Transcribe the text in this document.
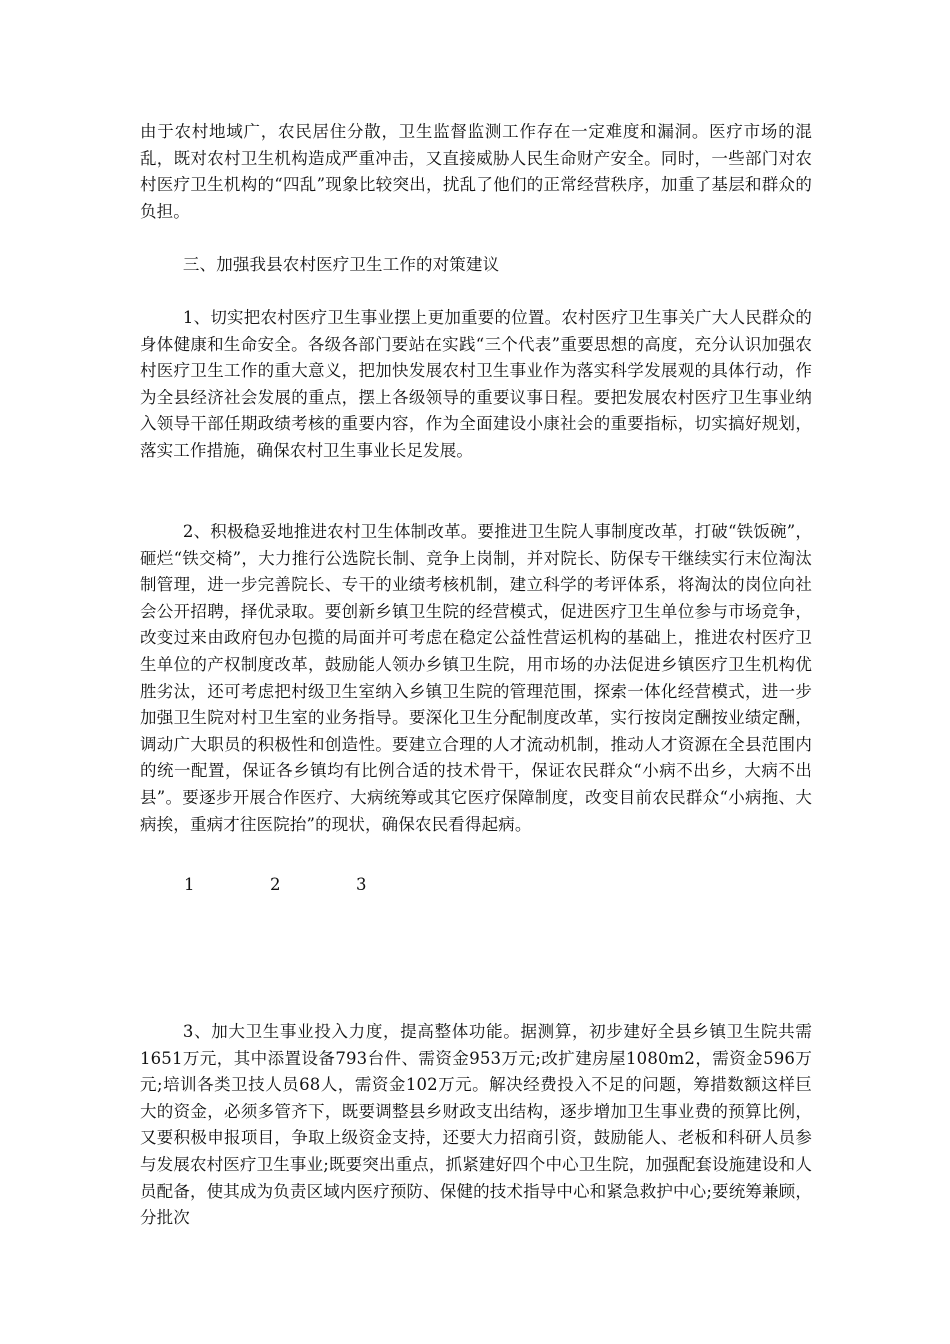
由于农村地域广，农民居住分散，卫生监督监测工作存在一定难度和漏洞。医疗市场的混乱，既对农村卫生机构造成严重冲击，又直接威胁人民生命财产安全。同时，一些部门对农村医疗卫生机构的“四乱”现象比较突出，扰乱了他们的正常经营秩序，加重了基层和群众的负担。

三、加强我县农村医疗卫生工作的对策建议

1、切实把农村医疗卫生事业摆上更加重要的位置。农村医疗卫生事关广大人民群众的身体健康和生命安全。各级各部门要站在实践“三个代表”重要思想的高度，充分认识加强农村医疗卫生工作的重大意义，把加快发展农村卫生事业作为落实科学发展观的具体行动，作为全县经济社会发展的重点，摆上各级领导的重要议事日程。要把发展农村医疗卫生事业纳入领导干部任期政绩考核的重要内容，作为全面建设小康社会的重要指标，切实搞好规划，落实工作措施，确保农村卫生事业长足发展。

2、积极稳妥地推进农村卫生体制改革。要推进卫生院人事制度改革，打破“铁饭碗”，砸烂“铁交椅”，大力推行公选院长制、竞争上岗制，并对院长、防保专干继续实行末位淘汰制管理，进一步完善院长、专干的业绩考核机制，建立科学的考评体系，将淘汰的岗位向社会公开招聘，择优录取。要创新乡镇卫生院的经营模式，促进医疗卫生单位参与市场竞争，改变过来由政府包办包揽的局面并可考虑在稳定公益性营运机构的基础上，推进农村医疗卫生单位的产权制度改革，鼓励能人领办乡镇卫生院，用市场的办法促进乡镇医疗卫生机构优胜劣汰，还可考虑把村级卫生室纳入乡镇卫生院的管理范围，探索一体化经营模式，进一步加强卫生院对村卫生室的业务指导。要深化卫生分配制度改革，实行按岗定酬按业绩定酬，调动广大职员的积极性和创造性。要建立合理的人才流动机制，推动人才资源在全县范围内的统一配置，保证各乡镇均有比例合适的技术骨干，保证农民群众“小病不出乡，大病不出县”。要逐步开展合作医疗、大病统筹或其它医疗保障制度，改变目前农民群众“小病拖、大病挨，重病才往医院抬”的现状，确保农民看得起病。

1	2	3

3、加大卫生事业投入力度，提高整体功能。据测算，初步建好全县乡镇卫生院共需1651万元，其中添置设备793台件、需资金953万元;改扩建房屋1080m2，需资金596万元;培训各类卫技人员68人，需资金102万元。解决经费投入不足的问题，筹措数额这样巨大的资金，必须多管齐下，既要调整县乡财政支出结构，逐步增加卫生事业费的预算比例，又要积极申报项目，争取上级资金支持，还要大力招商引资，鼓励能人、老板和科研人员参与发展农村医疗卫生事业;既要突出重点，抓紧建好四个中心卫生院，加强配套设施建设和人员配备，使其成为负责区域内医疗预防、保健的技术指导中心和紧急救护中心;要统筹兼顾，分批次
